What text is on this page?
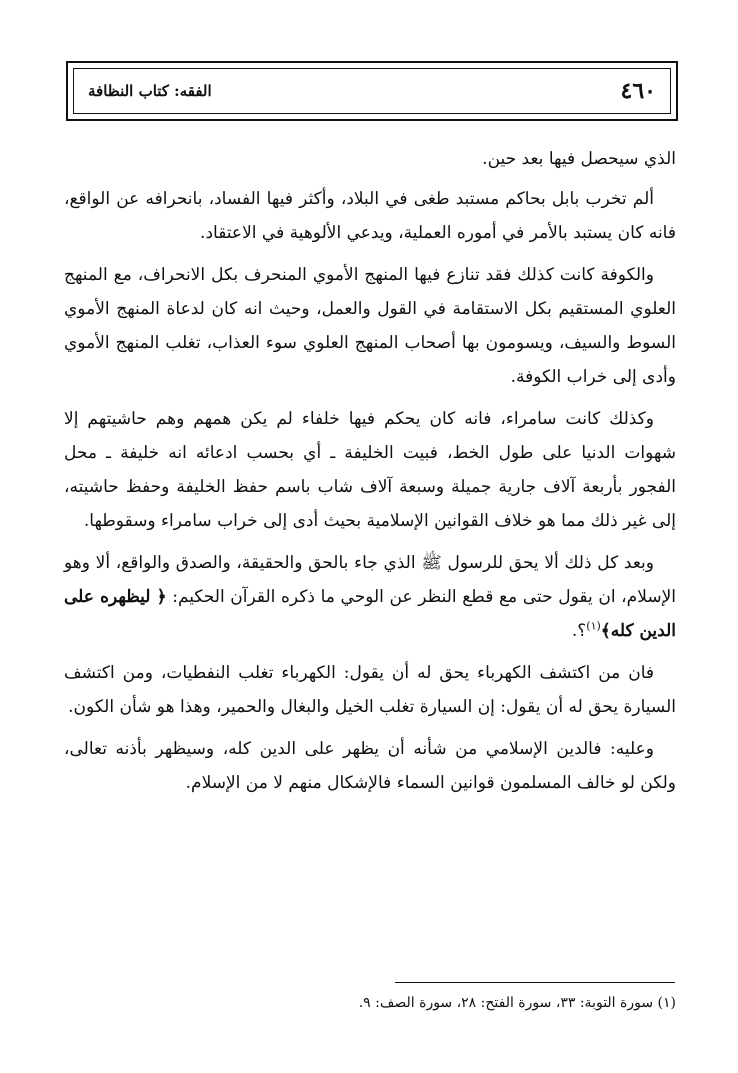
٤٦٠
الفقه: كتاب النظافة

الذي سيحصل فيها بعد حين.

ألم تخرب بابل بحاكم مستبد طغى في البلاد، وأكثر فيها الفساد، بانحرافه عن الواقع، فانه كان يستبد بالأمر في أموره العملية، ويدعي الألوهية في الاعتقاد.

والكوفة كانت كذلك فقد تنازع فيها المنهج الأموي المنحرف بكل الانحراف، مع المنهج العلوي المستقيم بكل الاستقامة في القول والعمل، وحيث انه كان لدعاة المنهج الأموي السوط والسيف، ويسومون بها أصحاب المنهج العلوي سوء العذاب، تغلب المنهج الأموي وأدى إلى خراب الكوفة.

وكذلك كانت سامراء، فانه كان يحكم فيها خلفاء لم يكن همهم وهم حاشيتهم إلا شهوات الدنيا على طول الخط، فبيت الخليفة ـ أي بحسب ادعائه انه خليفة ـ محل الفجور بأربعة آلاف جارية جميلة وسبعة آلاف شاب باسم حفظ الخليفة وحفظ حاشيته، إلى غير ذلك مما هو خلاف القوانين الإسلامية بحيث أدى إلى خراب سامراء وسقوطها.

وبعد كل ذلك ألا يحق للرسول ﷺ الذي جاء بالحق والحقيقة، والصدق والواقع، ألا وهو الإسلام، ان يقول حتى مع قطع النظر عن الوحي ما ذكره القرآن الحكيم: ﴿ ليظهره على الدين كله﴾$^{(١)}$؟.

فان من اكتشف الكهرباء يحق له أن يقول: الكهرباء تغلب النفطيات، ومن اكتشف السيارة يحق له أن يقول: إن السيارة تغلب الخيل والبغال والحمير، وهذا هو شأن الكون.

وعليه: فالدين الإسلامي من شأنه أن يظهر على الدين كله، وسيظهر بأذنه تعالى، ولكن لو خالف المسلمون قوانين السماء فالإشكال منهم لا من الإسلام.

(١) سورة التوبة: ٣٣، سورة الفتح: ٢٨، سورة الصف: ٩.
